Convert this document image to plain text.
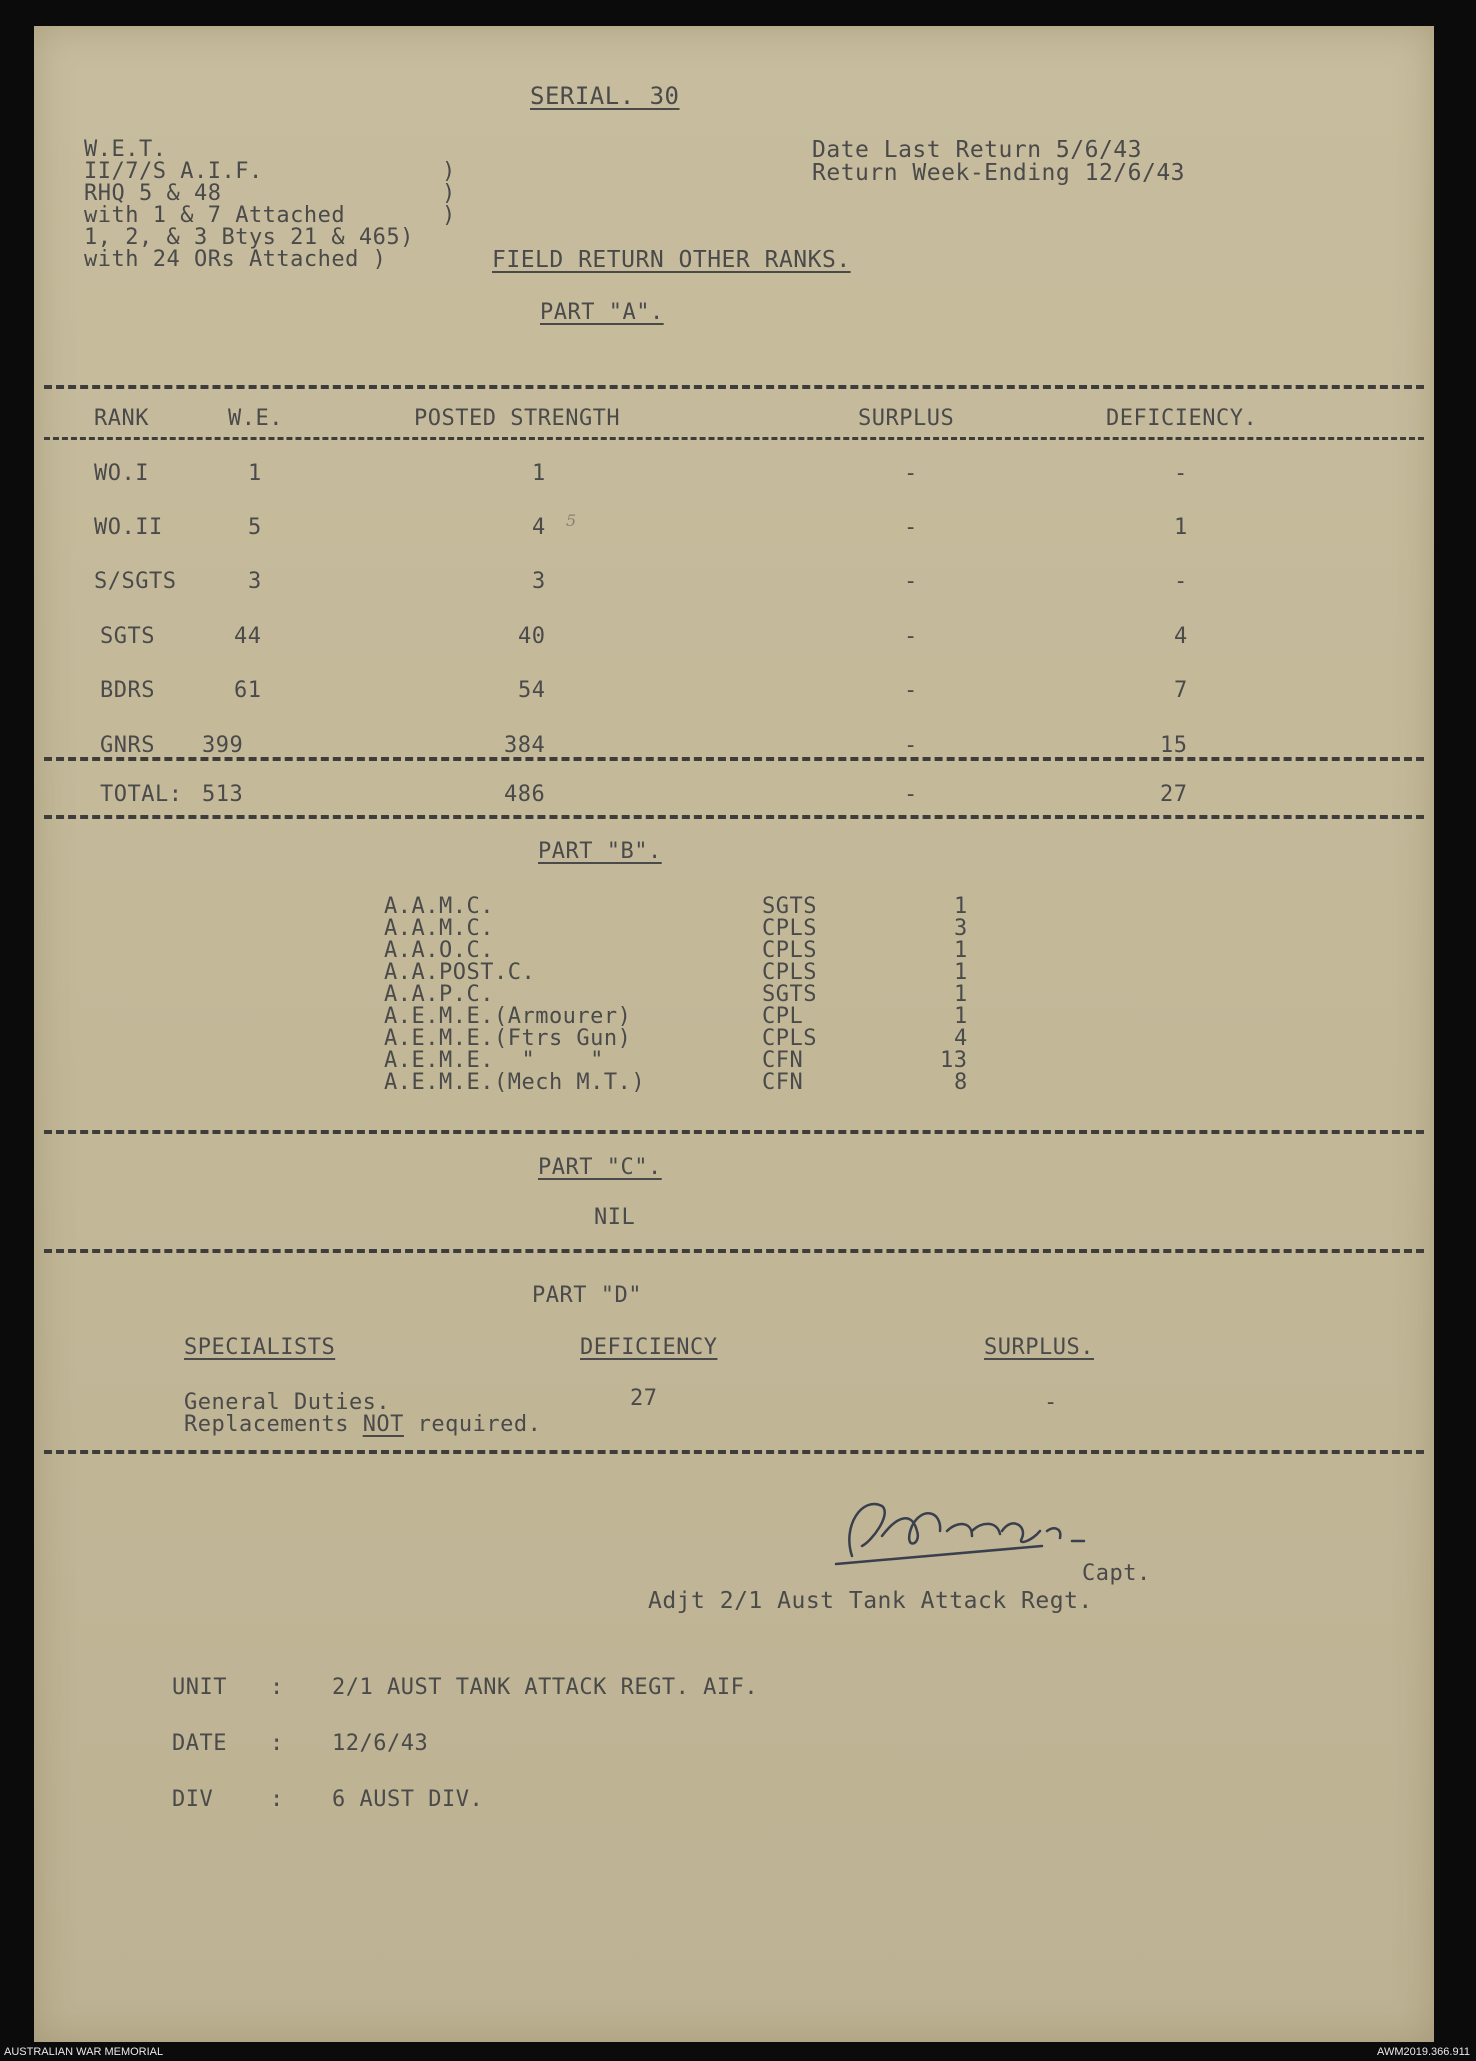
SERIAL. 30
W.E.T.
II/7/S A.I.F.
RHQ 5 & 48
with 1 & 7 Attached
1, 2, & 3 Btys 21 & 465)
with 24 ORs Attached )
)
)
)
Date Last Return 5/6/43
Return Week-Ending 12/6/43
FIELD RETURN OTHER RANKS.
PART "A".
RANK	W.E.	POSTED STRENGTH	SURPLUS	DEFICIENCY.
WO.I	1	1	-	-
WO.II	5	4 5	-	1
S/SGTS	3	3	-	-
SGTS	44	40	-	4
BDRS	61	54	-	7
GNRS 399	384	-	15
TOTAL: 513	486	-	27
PART "B".
A.A.M.C.	SGTS	1
A.A.M.C.	CPLS	3
A.A.O.C.	CPLS	1
A.A.POST.C.	CPLS	1
A.A.P.C.	SGTS	1
A.E.M.E.(Armourer)	CPL	1
A.E.M.E.(Ftrs Gun)	CPLS	4
A.E.M.E.  "    "	CFN	13
A.E.M.E.(Mech M.T.)	CFN	8
PART "C".
NIL
PART "D"
SPECIALISTS	DEFICIENCY	SURPLUS.
General Duties.	27	-
Replacements NOT required.
Capt.
Adjt 2/1 Aust Tank Attack Regt.
UNIT : 2/1 AUST TANK ATTACK REGT. AIF.
DATE : 12/6/43
DIV	: 6 AUST DIV.
AUSTRALIAN WAR MEMORIAL	AWM2019.366.911
